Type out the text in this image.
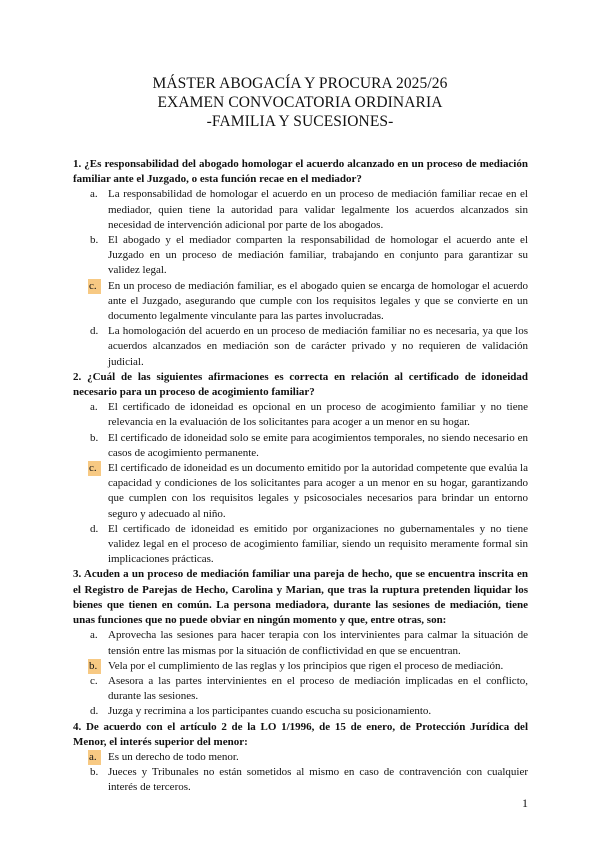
MÁSTER ABOGACÍA Y PROCURA 2025/26
EXAMEN CONVOCATORIA ORDINARIA
-FAMILIA Y SUCESIONES-

1. ¿Es responsabilidad del abogado homologar el acuerdo alcanzado en un proceso de mediación familiar ante el Juzgado, o esta función recae en el mediador?

a. La responsabilidad de homologar el acuerdo en un proceso de mediación familiar recae en el mediador, quien tiene la autoridad para validar legalmente los acuerdos alcanzados sin necesidad de intervención adicional por parte de los abogados.
b. El abogado y el mediador comparten la responsabilidad de homologar el acuerdo ante el Juzgado en un proceso de mediación familiar, trabajando en conjunto para garantizar su validez legal.
c.	En un proceso de mediación familiar, es el abogado quien se encarga de homologar el acuerdo ante el Juzgado, asegurando que cumple con los requisitos legales y que se convierte en un documento legalmente vinculante para las partes involucradas.
d. La homologación del acuerdo en un proceso de mediación familiar no es necesaria, ya que los acuerdos alcanzados en mediación son de carácter privado y no requieren de validación judicial.

2. ¿Cuál de las siguientes afirmaciones es correcta en relación al certificado de idoneidad necesario para un proceso de acogimiento familiar?

a. El certificado de idoneidad es opcional en un proceso de acogimiento familiar y no tiene relevancia en la evaluación de los solicitantes para acoger a un menor en su hogar.
b. El certificado de idoneidad solo se emite para acogimientos temporales, no siendo necesario en casos de acogimiento permanente.
c.	El certificado de idoneidad es un documento emitido por la autoridad competente que evalúa la capacidad y condiciones de los solicitantes para acoger a un menor en su hogar, garantizando que cumplen con los requisitos legales y psicosociales necesarios para brindar un entorno seguro y adecuado al niño.
d. El certificado de idoneidad es emitido por organizaciones no gubernamentales y no tiene validez legal en el proceso de acogimiento familiar, siendo un requisito meramente formal sin implicaciones prácticas.

3. Acuden a un proceso de mediación familiar una pareja de hecho, que se encuentra inscrita en el Registro de Parejas de Hecho, Carolina y Marian, que tras la ruptura pretenden liquidar los bienes que tienen en común. La persona mediadora, durante las sesiones de mediación, tiene unas funciones que no puede obviar en ningún momento y que, entre otras, son:

a. Aprovecha las sesiones para hacer terapia con los intervinientes para calmar la situación de tensión entre las mismas por la situación de conflictividad en que se encuentran.
b. Vela por el cumplimiento de las reglas y los principios que rigen el proceso de mediación.
c. Asesora a las partes intervinientes en el proceso de mediación implicadas en el conflicto, durante las sesiones.
d. Juzga y recrimina a los participantes cuando escucha su posicionamiento.

4. De acuerdo con el artículo 2 de la LO 1/1996, de 15 de enero, de Protección Jurídica del Menor, el interés superior del menor:

a.	Es un derecho de todo menor.
b. Jueces y Tribunales no están sometidos al mismo en caso de contravención con cualquier interés de terceros.
1
